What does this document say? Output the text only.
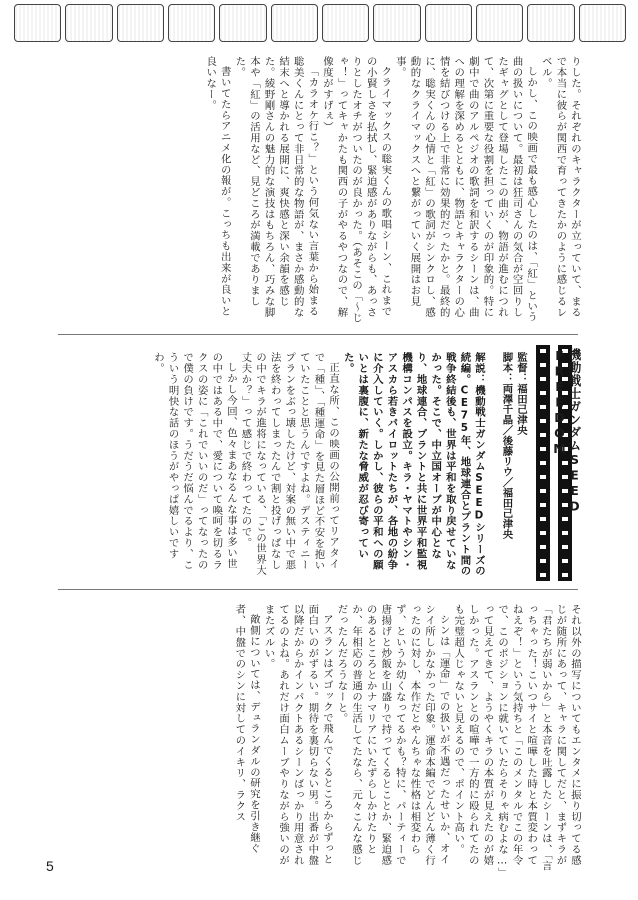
りした。それぞれのキャラクターが立っていて、まるで本当に彼らが関西で育ってきたかのように感じるレベル。

しかし、この映画で最も感心したのは、「紅」という曲の扱いについて。最初は狂司さんの気合が空回りしたギャグとして登場したこの曲が、物語が進むにつれて、次第に重要な役割を担っていくのが印象的。特に劇中で曲のアルペジオの歌詞を和訳するシーンは、曲への理解を深めるとともに、物語とキャラクターの心情を結びつける上で非常に効果的だったかと。最終的に、聡実くんの心情と「紅」の歌詞がシンクロし、感動的なクライマックスへと繋がっていく展開はお見事。

クライマックスの聡実くんの歌唱シーン、これまでの小賢しさを払拭し、緊迫感がありながらも、あっさりとしたオチがついたのが良かった。（あそこの「～じゃ！」ってキャかたも関西の子がやるやつなので、解像度がすげぇ）

「カラオケ行こ？」という何気ない言葉から始まる聡美くんにとって非日常的な物語が、まさか感動的な結末へと導かれる展開に、爽快感と深い余韻を感じた。綾野剛さんの魅力的な演技はもちろん、巧みな脚本や「紅」の活用など、見どころが満載でありました。

書いてたらアニメ化の報が。こっちも出来が良いと良いなー。

機動戦士ガンダムSEED FREEDOM
監督：福田己津央
脚本：両澤千晶／後藤リウ／福田己津央

解説：機動戦士ガンダムSEEDシリーズの続編。CE75年、地球連合とプラント間の戦争終結後も、世界は平和を取り戻せていなかった。そこで、中立国オーブが中心となり、地球連合、プラントと共に世界平和監視機構コンパスを設立。キラ・ヤマトやシン・アスカら若きパイロットたちが、各地の紛争に介入していく。しかし、彼らの平和への願いとは裏腹に、新たな脅威が忍び寄っていた。

正直な所、この映画の公開前ってリアタイで「種」、「種運命」を見た層ほど不安を抱いていたことと思うんですよね。デスティニープランをぶっ壊したけど、対案の無い中で悪法を終わってしまったんで割と投げっぱなしの中でキラが進将になっている、「この世界大丈夫か？」って感じで終わってたので。

しかし今回、色々まあなるんな事は多い世の中ではある中で、愛について喚呵を切るラクスの姿に「これでいいのだ」ってなったので僕の負けです。うだうだ悩んでるより、こういう明快な話のほうがやっぱ嬉しいですわ。

それ以外の描写についてもエンタメに振り切ってる感じが随所にあって、キャラに関してだと、まずキラが「君たちが弱いから」と本音を吐露したシーンは、「言っちゃった！こいつサイと喧嘩した時と本質変わってねえぞ！」という気持ちと「このメンタルでこの年令で、このポジションに就いていたらそりゃ病むよな…」って見えてきて、ようやくキラの本質が見えたのが嬉しかった。アスランとの喧嘩で一方的に殴られてたのも完璧超人じゃないと見えるので、ポイント高い。

シンは「運命」での扱いが不遇だったせいか、オイシイ所しかなかった印象。運命本編でどんどん薄く行ったのに対し、本作だとやんちゃな性格は相変わらず、というか幼くなってるかも？特に、パーティーで唐揚げと炒飯を山盛りで持ってくるとことか、緊迫感のあるところとかナマリアにいたずらしかけたりとか、年相応の普通の生活してたなら、元々こんな感じだったんだろうなーと。

アスランはズゴックで飛んでくるところからずっと面白いのがずるい。期待を裏切らない男。出番が中盤以降だからかインパクトあるシーンばっかり用意されてるのよね。あれだけ面白ムーブやりながら強いのがまたズルい。

敵側については、デュランダルの研究を引き継ぐ者、中盤でのシンに対してのイキリ、ラクス

5
